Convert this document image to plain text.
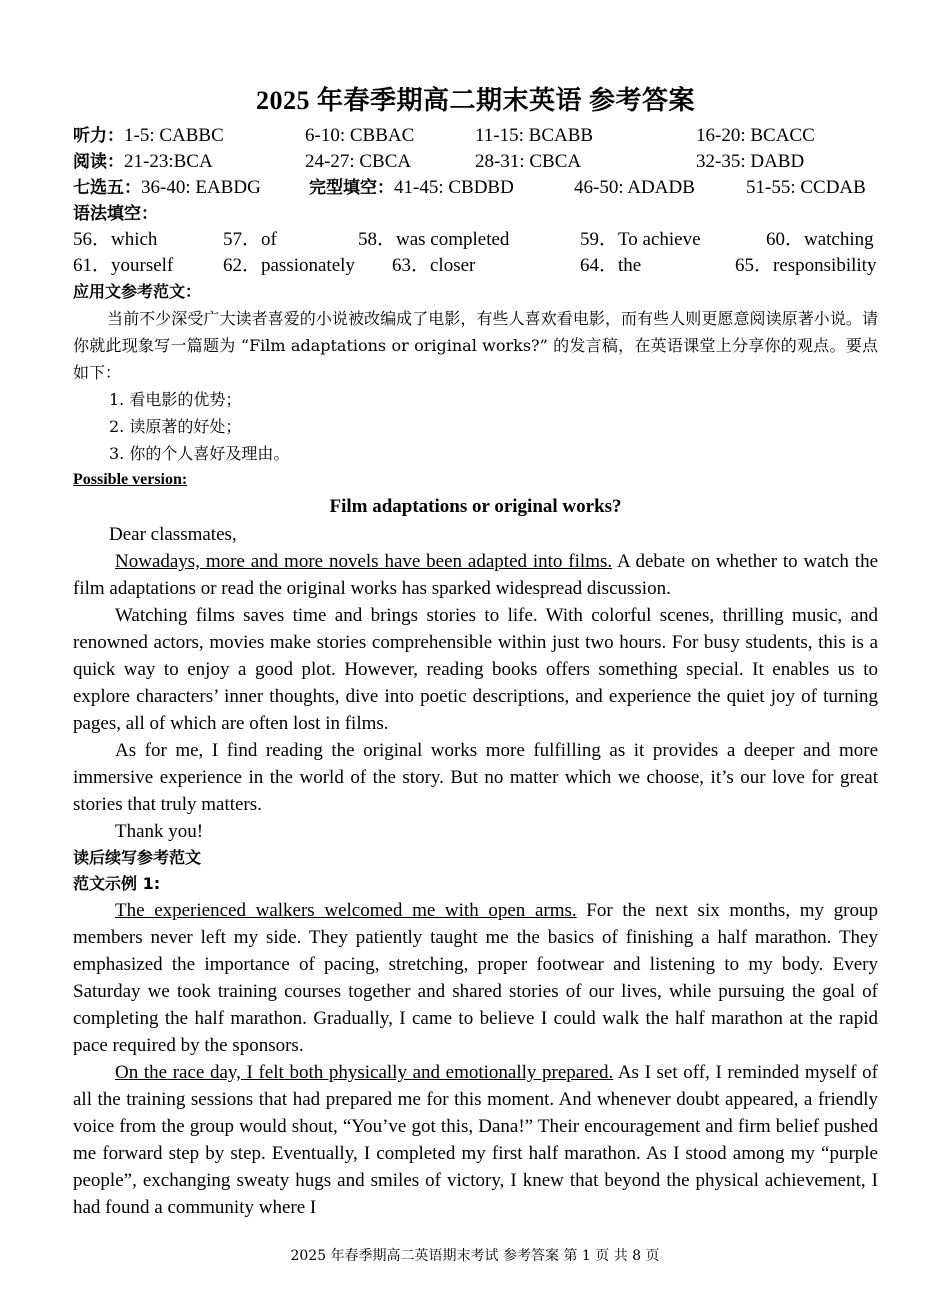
2025 年春季期高二期末英语 参考答案
听力：1-5: CABBC	6-10: CBBAC	11-15: BCABB	16-20: BCACC
阅读：21-23:BCA	24-27: CBCA	28-31: CBCA	32-35: DABD
七选五：36-40: EABDG	完型填空：41-45: CBDBD	46-50: ADADB	51-55: CCDAB
语法填空：
56．which	57．of	58．was completed	59．To achieve	60．watching
61．yourself	62．passionately	63．closer	64．the	65．responsibility
应用文参考范文：

当前不少深受广大读者喜爱的小说被改编成了电影，有些人喜欢看电影，而有些人则更愿意阅读原著小说。请你就此现象写一篇题为 “Film adaptations or original works?” 的发言稿，在英语课堂上分享你的观点。要点如下：

1. 看电影的优势；
2. 读原著的好处；
3. 你的个人喜好及理由。
Possible version:
Film adaptations or original works?

Dear classmates,

Nowadays, more and more novels have been adapted into films. A debate on whether to watch the film adaptations or read the original works has sparked widespread discussion.

Watching films saves time and brings stories to life. With colorful scenes, thrilling music, and renowned actors, movies make stories comprehensible within just two hours. For busy students, this is a quick way to enjoy a good plot. However, reading books offers something special. It enables us to explore characters’ inner thoughts, dive into poetic descriptions, and experience the quiet joy of turning pages, all of which are often lost in films.

As for me, I find reading the original works more fulfilling as it provides a deeper and more immersive experience in the world of the story. But no matter which we choose, it’s our love for great stories that truly matters.

Thank you!

读后续写参考范文
范文示例 1:

The experienced walkers welcomed me with open arms. For the next six months, my group members never left my side. They patiently taught me the basics of finishing a half marathon. They emphasized the importance of pacing, stretching, proper footwear and listening to my body. Every Saturday we took training courses together and shared stories of our lives, while pursuing the goal of completing the half marathon. Gradually, I came to believe I could walk the half marathon at the rapid pace required by the sponsors.

On the race day, I felt both physically and emotionally prepared. As I set off, I reminded myself of all the training sessions that had prepared me for this moment. And whenever doubt appeared, a friendly voice from the group would shout, “You’ve got this, Dana!” Their encouragement and firm belief pushed me forward step by step. Eventually, I completed my first half marathon. As I stood among my “purple people”, exchanging sweaty hugs and smiles of victory, I knew that beyond the physical achievement, I had found a community where I

2025 年春季期高二英语期末考试 参考答案 第 1 页 共 8 页
